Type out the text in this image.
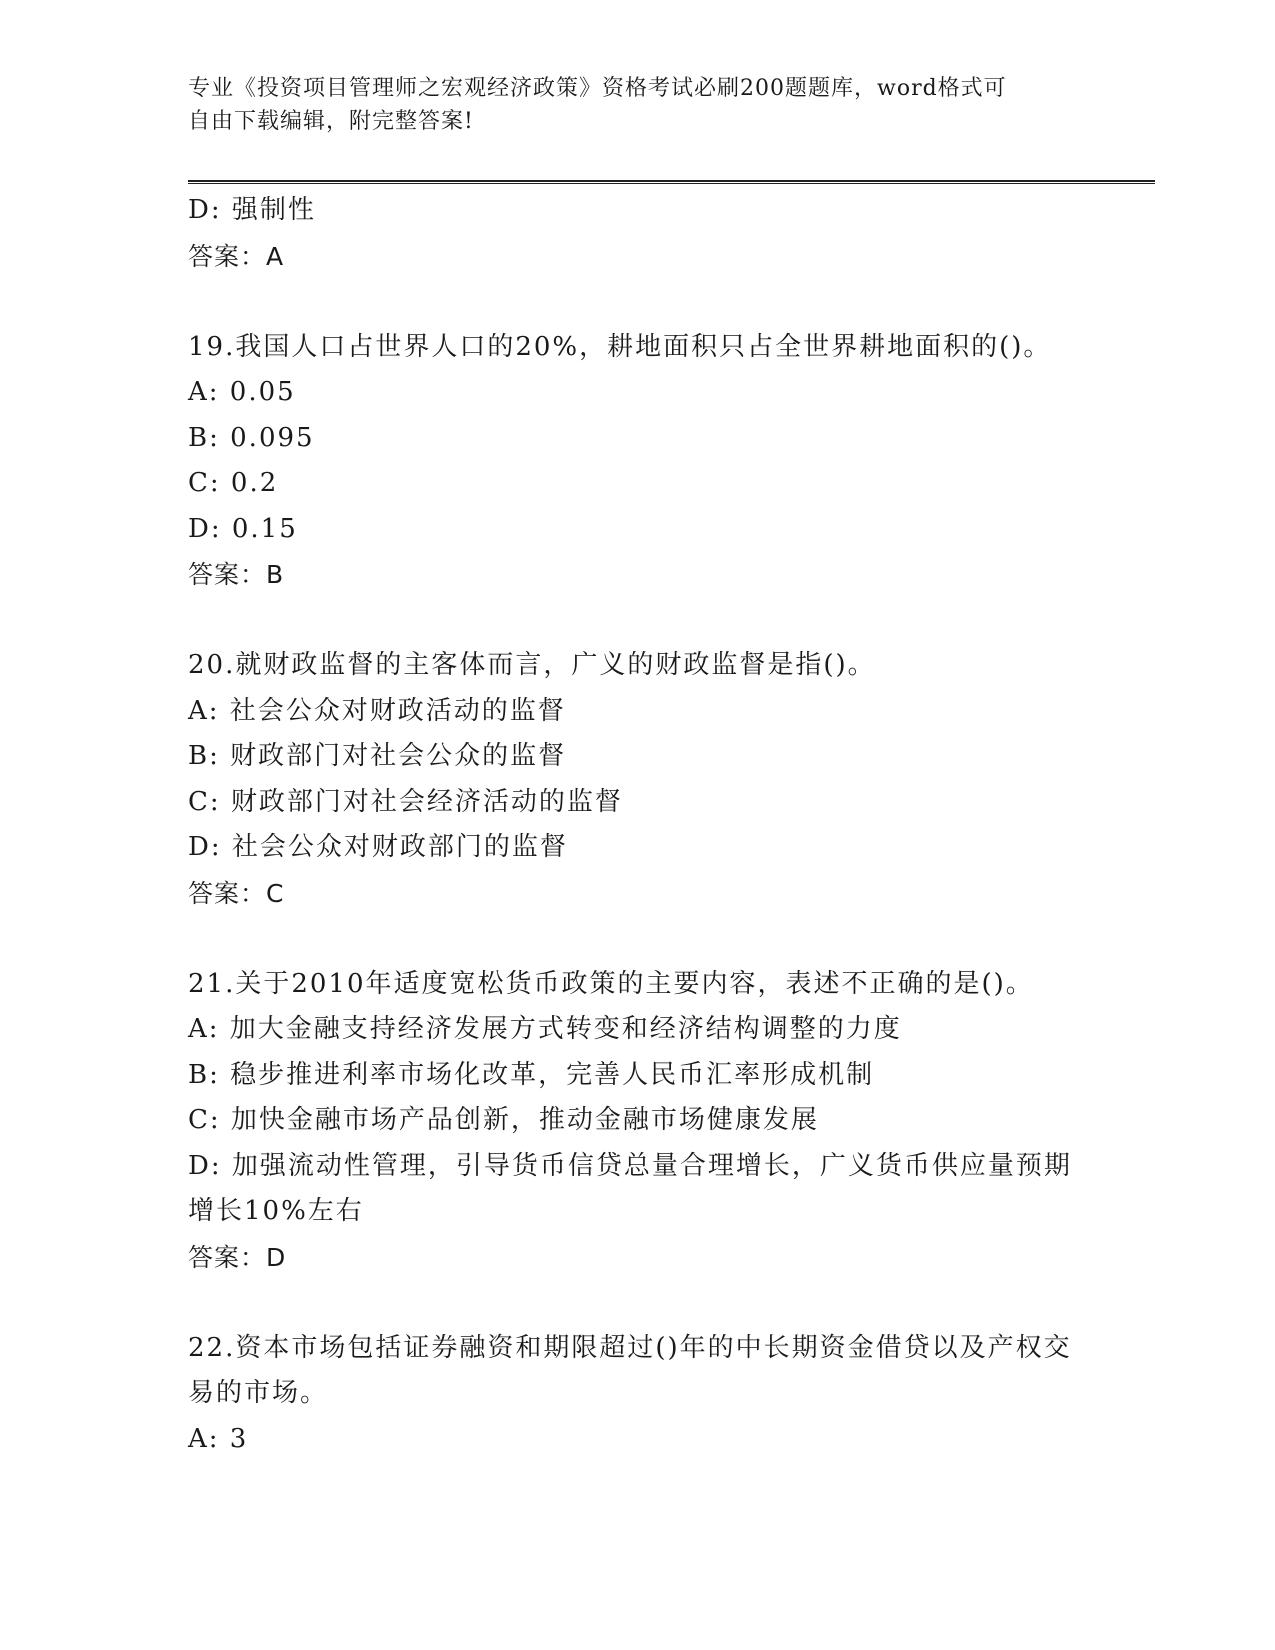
专业《投资项目管理师之宏观经济政策》资格考试必刷200题题库，word格式可
自由下载编辑，附完整答案!
D: 强制性
答案：A
19.我国人口占世界人口的20%，耕地面积只占全世界耕地面积的()。
A: 0.05
B: 0.095
C: 0.2
D: 0.15
答案：B
20.就财政监督的主客体而言，广义的财政监督是指()。
A: 社会公众对财政活动的监督
B: 财政部门对社会公众的监督
C: 财政部门对社会经济活动的监督
D: 社会公众对财政部门的监督
答案：C
21.关于2010年适度宽松货币政策的主要内容，表述不正确的是()。
A: 加大金融支持经济发展方式转变和经济结构调整的力度
B: 稳步推进利率市场化改革，完善人民币汇率形成机制
C: 加快金融市场产品创新，推动金融市场健康发展
D: 加强流动性管理，引导货币信贷总量合理增长，广义货币供应量预期增长10%左右
答案：D
22.资本市场包括证券融资和期限超过()年的中长期资金借贷以及产权交易的市场。
A: 3
